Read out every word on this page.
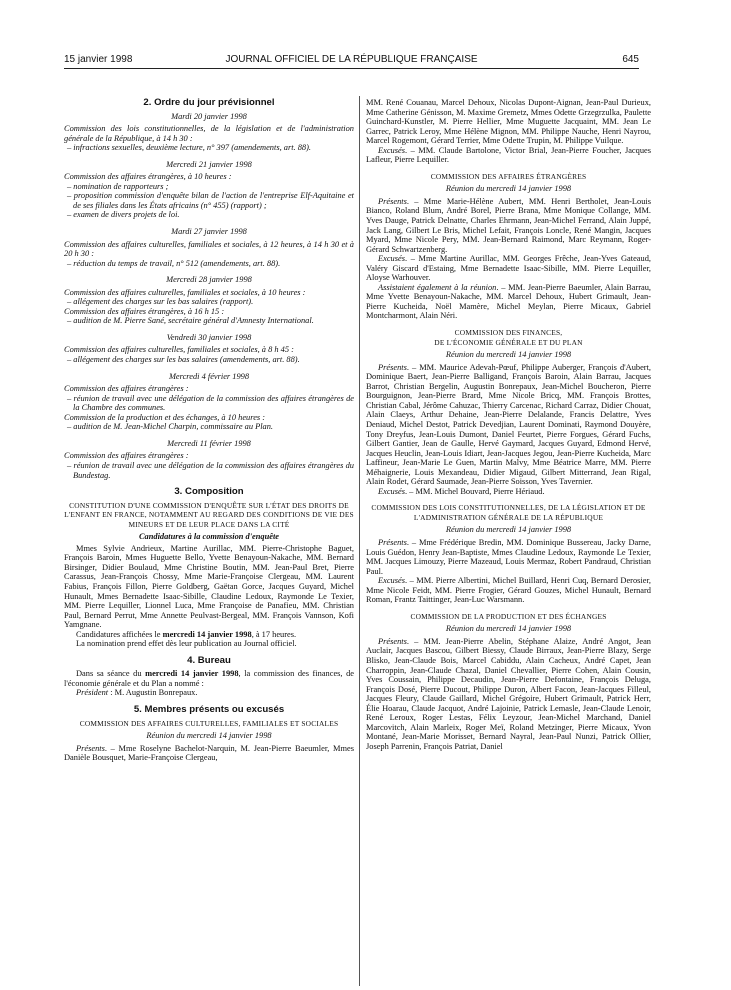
15 janvier 1998	JOURNAL OFFICIEL DE LA RÉPUBLIQUE FRANÇAISE	645

2. Ordre du jour prévisionnel

Mardi 20 janvier 1998

Commission des lois constitutionnelles, de la législation et de l'administration générale de la République, à 14 h 30 :

– infractions sexuelles, deuxième lecture, n° 397 (amendements, art. 88).

Mercredi 21 janvier 1998

Commission des affaires étrangères, à 10 heures :

– nomination de rapporteurs ;

– proposition commission d'enquête bilan de l'action de l'entreprise Elf-Aquitaine et de ses filiales dans les États africains (n° 455) (rapport) ;

– examen de divers projets de loi.

Mardi 27 janvier 1998

Commission des affaires culturelles, familiales et sociales, à 12 heures, à 14 h 30 et à 20 h 30 :

– réduction du temps de travail, n° 512 (amendements, art. 88).

Mercredi 28 janvier 1998

Commission des affaires culturelles, familiales et sociales, à 10 heures :

– allégement des charges sur les bas salaires (rapport).

Commission des affaires étrangères, à 16 h 15 :

– audition de M. Pierre Sané, secrétaire général d'Amnesty International.

Vendredi 30 janvier 1998

Commission des affaires culturelles, familiales et sociales, à 8 h 45 :

– allégement des charges sur les bas salaires (amendements, art. 88).

Mercredi 4 février 1998

Commission des affaires étrangères :

– réunion de travail avec une délégation de la commission des affaires étrangères de la Chambre des communes.

Commission de la production et des échanges, à 10 heures :

– audition de M. Jean-Michel Charpin, commissaire au Plan.

Mercredi 11 février 1998

Commission des affaires étrangères :

– réunion de travail avec une délégation de la commission des affaires étrangères du Bundestag.

3. Composition

CONSTITUTION D'UNE COMMISSION D'ENQUÊTE SUR L'ÉTAT DES DROITS DE L'ENFANT EN FRANCE, NOTAMMENT AU REGARD DES CONDITIONS DE VIE DES MINEURS ET DE LEUR PLACE DANS LA CITÉ

Candidatures à la commission d'enquête

Mmes Sylvie Andrieux, Martine Aurillac, MM. Pierre-Christophe Baguet, François Baroin, Mmes Huguette Bello, Yvette Benayoun-Nakache, MM. Bernard Birsinger, Didier Boulaud, Mme Christine Boutin, MM. Jean-Paul Bret, Pierre Carassus, Jean-François Chossy, Mme Marie-Françoise Clergeau, MM. Laurent Fabius, François Fillon, Pierre Goldberg, Gaëtan Gorce, Jacques Guyard, Michel Hunault, Mmes Bernadette Isaac-Sibille, Claudine Ledoux, Raymonde Le Texier, MM. Pierre Lequiller, Lionnel Luca, Mme Françoise de Panafieu, MM. Christian Paul, Bernard Perrut, Mme Annette Peulvast-Bergeal, MM. François Vannson, Kofi Yamgnane.

Candidatures affichées le mercredi 14 janvier 1998, à 17 heures.

La nomination prend effet dès leur publication au Journal officiel.

4. Bureau

Dans sa séance du mercredi 14 janvier 1998, la commission des finances, de l'économie générale et du Plan a nommé :

Président : M. Augustin Bonrepaux.

5. Membres présents ou excusés

COMMISSION DES AFFAIRES CULTURELLES, FAMILIALES ET SOCIALES

Réunion du mercredi 14 janvier 1998

Présents. – Mme Roselyne Bachelot-Narquin, M. Jean-Pierre Baeumler, Mmes Danièle Bousquet, Marie-Françoise Clergeau,

MM. René Couanau, Marcel Dehoux, Nicolas Dupont-Aignan, Jean-Paul Durieux, Mme Catherine Génisson, M. Maxime Gremetz, Mmes Odette Grzegrzulka, Paulette Guinchard-Kunstler, M. Pierre Hellier, Mme Muguette Jacquaint, MM. Jean Le Garrec, Patrick Leroy, Mme Hélène Mignon, MM. Philippe Nauche, Henri Nayrou, Marcel Rogemont, Gérard Terrier, Mme Odette Trupin, M. Philippe Vuilque.

Excusés. – MM. Claude Bartolone, Victor Brial, Jean-Pierre Foucher, Jacques Lafleur, Pierre Lequiller.

COMMISSION DES AFFAIRES ÉTRANGÈRES

Réunion du mercredi 14 janvier 1998

Présents. – Mme Marie-Hélène Aubert, MM. Henri Bertholet, Jean-Louis Bianco, Roland Blum, André Borel, Pierre Brana, Mme Monique Collange, MM. Yves Dauge, Patrick Delnatte, Charles Ehrmann, Jean-Michel Ferrand, Alain Juppé, Jack Lang, Gilbert Le Bris, Michel Lefait, François Loncle, René Mangin, Jacques Myard, Mme Nicole Pery, MM. Jean-Bernard Raimond, Marc Reymann, Roger-Gérard Schwartzenberg.

Excusés. – Mme Martine Aurillac, MM. Georges Frêche, Jean-Yves Gateaud, Valéry Giscard d'Estaing, Mme Bernadette Isaac-Sibille, MM. Pierre Lequiller, Aloyse Warhouver.

Assistaient également à la réunion. – MM. Jean-Pierre Baeumler, Alain Barrau, Mme Yvette Benayoun-Nakache, MM. Marcel Dehoux, Hubert Grimault, Jean-Pierre Kucheida, Noël Mamère, Michel Meylan, Pierre Micaux, Gabriel Montcharmont, Alain Néri.

COMMISSION DES FINANCES,

DE L'ÉCONOMIE GÉNÉRALE ET DU PLAN

Réunion du mercredi 14 janvier 1998

Présents. – MM. Maurice Adevah-Pœuf, Philippe Auberger, François d'Aubert, Dominique Baert, Jean-Pierre Balligand, François Baroin, Alain Barrau, Jacques Barrot, Christian Bergelin, Augustin Bonrepaux, Jean-Michel Boucheron, Pierre Bourguignon, Jean-Pierre Brard, Mme Nicole Bricq, MM. François Brottes, Christian Cabal, Jérôme Cahuzac, Thierry Carcenac, Richard Carraz, Didier Chouat, Alain Claeys, Arthur Dehaine, Jean-Pierre Delalande, Francis Delattre, Yves Deniaud, Michel Destot, Patrick Devedjian, Laurent Dominati, Raymond Douyère, Tony Dreyfus, Jean-Louis Dumont, Daniel Feurtet, Pierre Forgues, Gérard Fuchs, Gilbert Gantier, Jean de Gaulle, Hervé Gaymard, Jacques Guyard, Edmond Hervé, Jacques Heuclin, Jean-Louis Idiart, Jean-Jacques Jegou, Jean-Pierre Kucheida, Marc Laffineur, Jean-Marie Le Guen, Martin Malvy, Mme Béatrice Marre, MM. Pierre Méhaignerie, Louis Mexandeau, Didier Migaud, Gilbert Mitterrand, Jean Rigal, Alain Rodet, Gérard Saumade, Jean-Pierre Soisson, Yves Tavernier.

Excusés. – MM. Michel Bouvard, Pierre Hériaud.

COMMISSION DES LOIS CONSTITUTIONNELLES, DE LA LÉGISLATION ET DE L'ADMINISTRATION GÉNÉRALE DE LA RÉPUBLIQUE

Réunion du mercredi 14 janvier 1998

Présents. – Mme Frédérique Bredin, MM. Dominique Bussereau, Jacky Darne, Louis Guédon, Henry Jean-Baptiste, Mmes Claudine Ledoux, Raymonde Le Texier, MM. Jacques Limouzy, Pierre Mazeaud, Louis Mermaz, Robert Pandraud, Christian Paul.

Excusés. – MM. Pierre Albertini, Michel Buillard, Henri Cuq, Bernard Derosier, Mme Nicole Feidt, MM. Pierre Frogier, Gérard Gouzes, Michel Hunault, Bernard Roman, Frantz Taittinger, Jean-Luc Warsmann.

COMMISSION DE LA PRODUCTION ET DES ÉCHANGES

Réunion du mercredi 14 janvier 1998

Présents. – MM. Jean-Pierre Abelin, Stéphane Alaize, André Angot, Jean Auclair, Jacques Bascou, Gilbert Biessy, Claude Birraux, Jean-Pierre Blazy, Serge Blisko, Jean-Claude Bois, Marcel Cabiddu, Alain Cacheux, André Capet, Jean Charroppin, Jean-Claude Chazal, Daniel Chevallier, Pierre Cohen, Alain Cousin, Yves Coussain, Philippe Decaudin, Jean-Pierre Defontaine, François Deluga, François Dosé, Pierre Ducout, Philippe Duron, Albert Facon, Jean-Jacques Filleul, Jacques Fleury, Claude Gaillard, Michel Grégoire, Hubert Grimault, Patrick Herr, Élie Hoarau, Claude Jacquot, André Lajoinie, Patrick Lemasle, Jean-Claude Lenoir, René Leroux, Roger Lestas, Félix Leyzour, Jean-Michel Marchand, Daniel Marcovitch, Alain Marleix, Roger Meï, Roland Metzinger, Pierre Micaux, Yvon Montané, Jean-Marie Morisset, Bernard Nayral, Jean-Paul Nunzi, Patrick Ollier, Joseph Parrenin, François Patriat, Daniel
